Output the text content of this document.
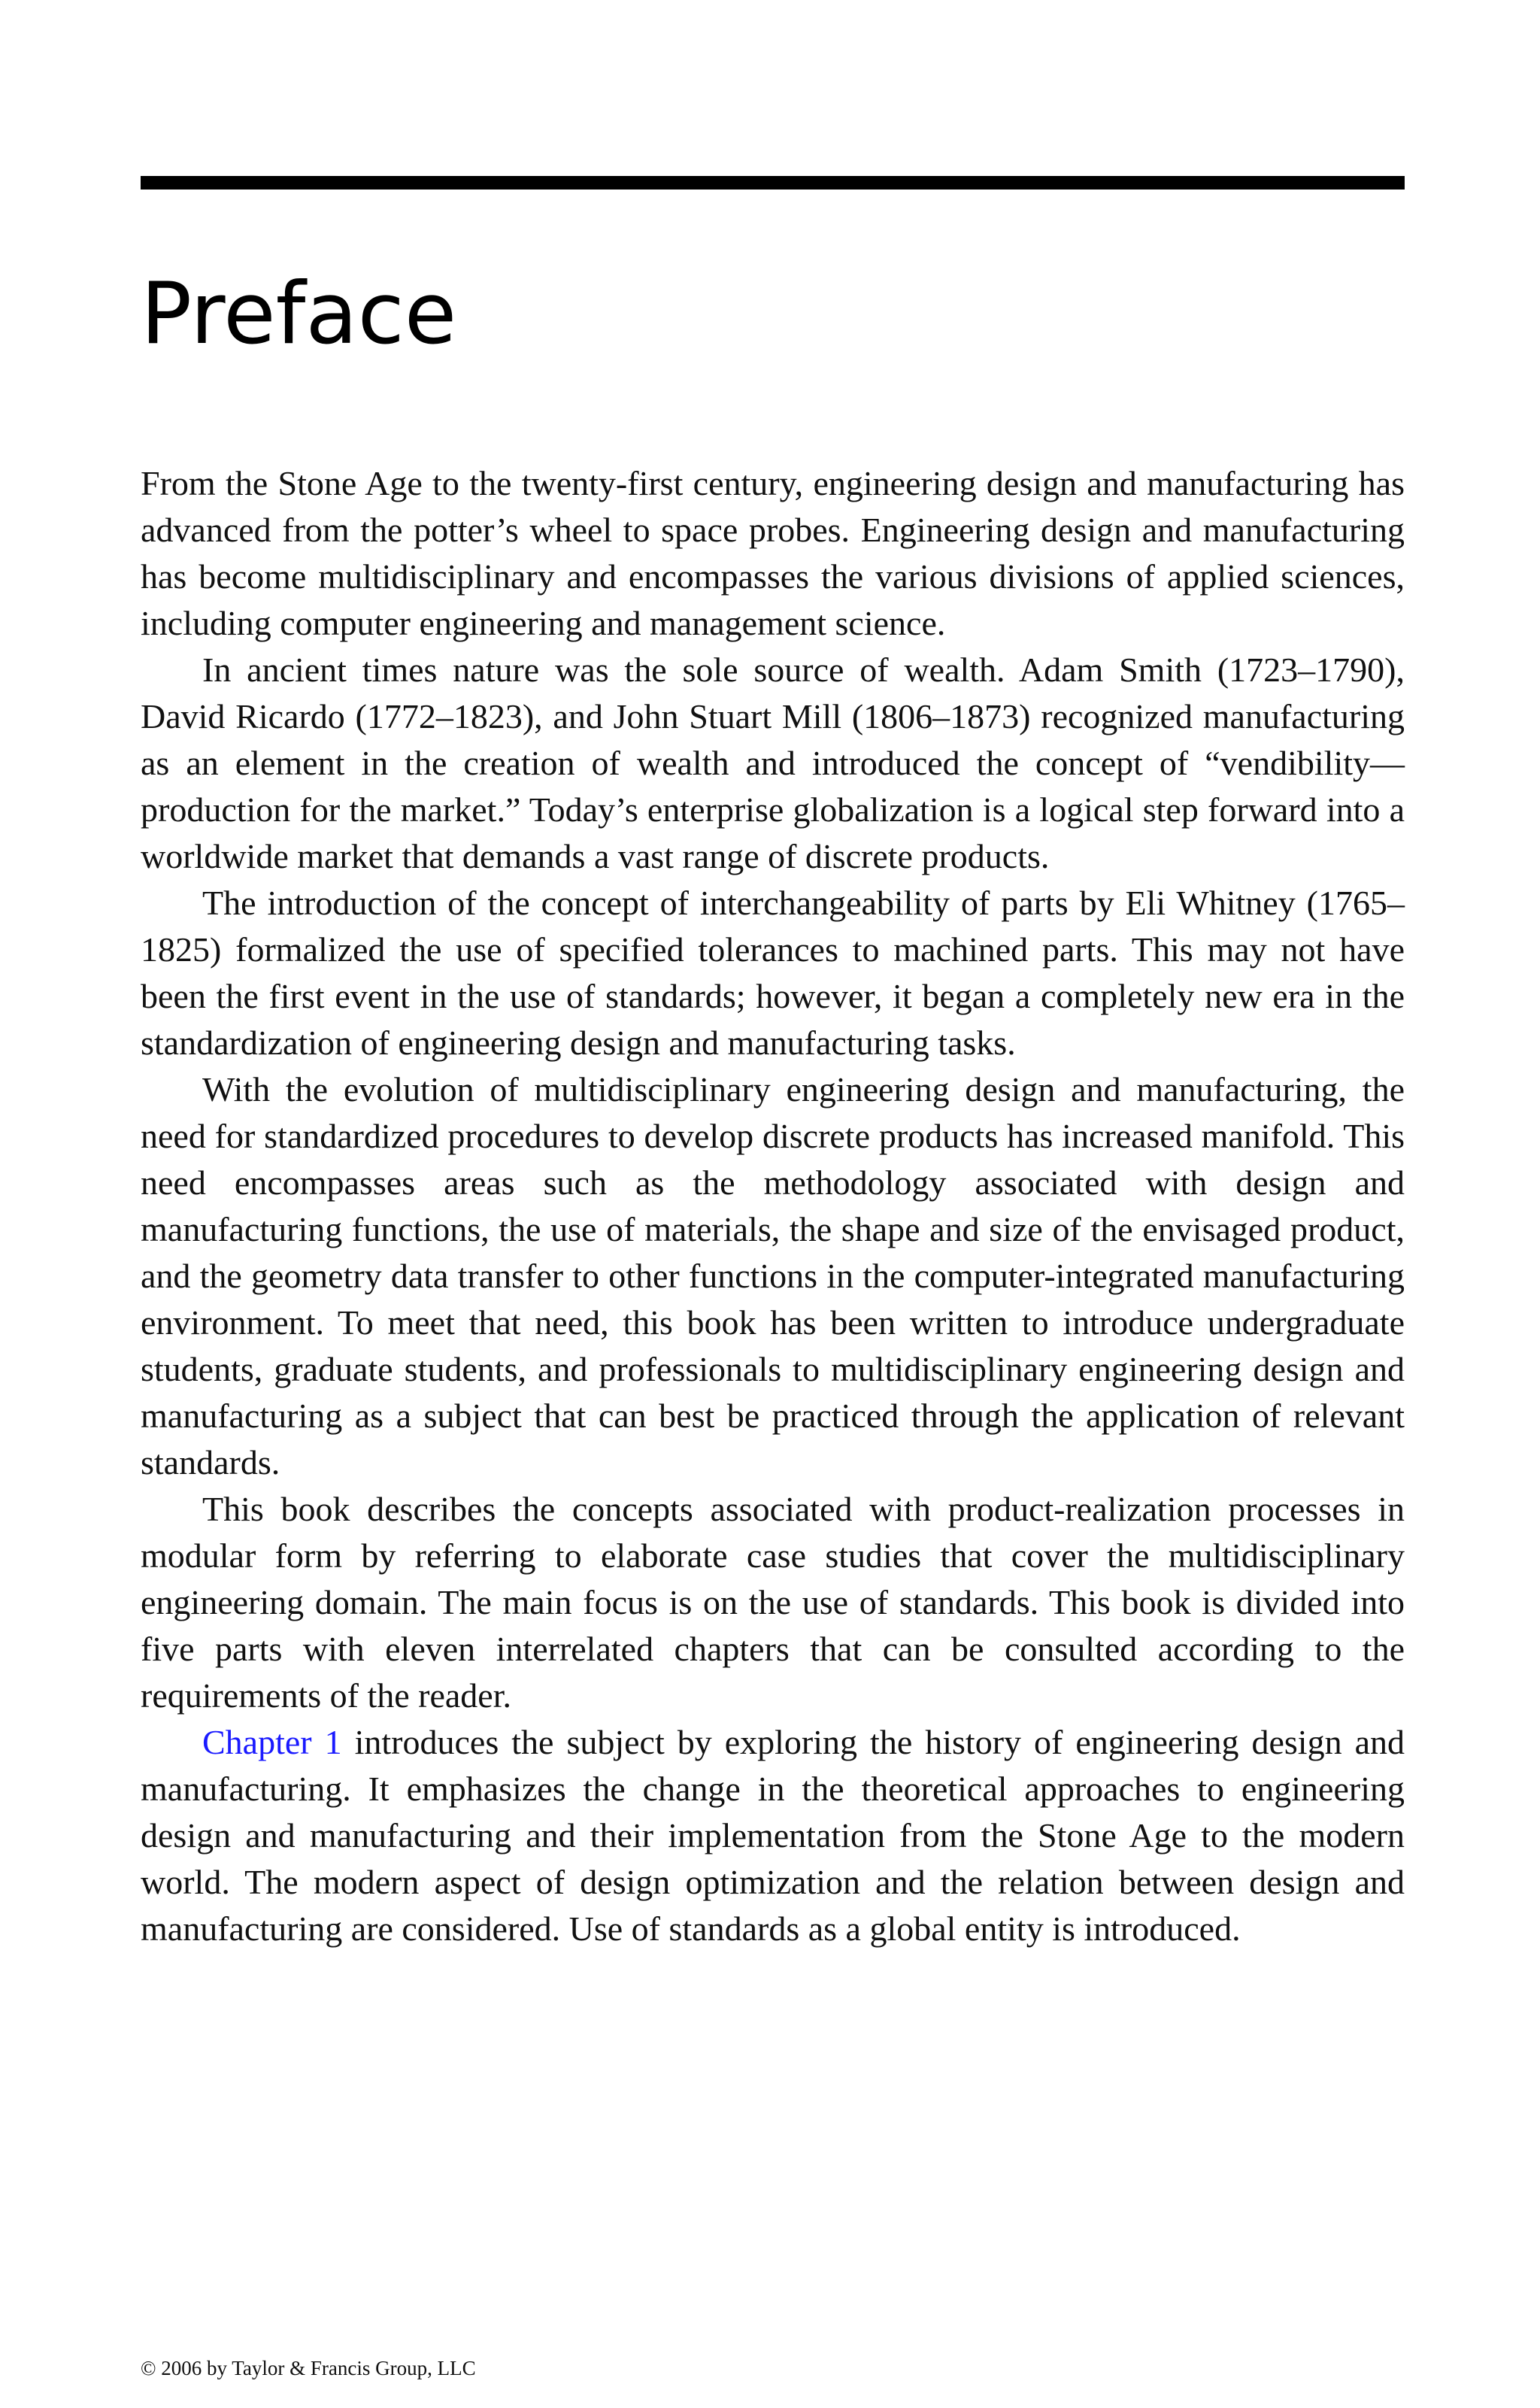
Preface

From the Stone Age to the twenty-first century, engineering design and manufacturing has advanced from the potter’s wheel to space probes. Engineering design and manufacturing has become multidisciplinary and encompasses the various divisions of applied sciences, including computer engineering and management science.

In ancient times nature was the sole source of wealth. Adam Smith (1723–1790), David Ricardo (1772–1823), and John Stuart Mill (1806–1873) recognized manufacturing as an element in the creation of wealth and introduced the concept of “vendibility— production for the market.” Today’s enterprise globalization is a logical step forward into a worldwide market that demands a vast range of discrete products.

The introduction of the concept of interchangeability of parts by Eli Whitney (1765–1825) formalized the use of specified tolerances to machined parts. This may not have been the first event in the use of standards; however, it began a completely new era in the standardization of engineering design and manufacturing tasks.

With the evolution of multidisciplinary engineering design and manufacturing, the need for standardized procedures to develop discrete products has increased manifold. This need encompasses areas such as the methodology associated with design and manufacturing functions, the use of materials, the shape and size of the envisaged product, and the geometry data transfer to other functions in the computer-integrated manufacturing environment. To meet that need, this book has been written to introduce undergraduate students, graduate students, and professionals to multidisciplinary engineering design and manufacturing as a subject that can best be practiced through the application of relevant standards.

This book describes the concepts associated with product-realization processes in modular form by referring to elaborate case studies that cover the multidisciplinary engineering domain. The main focus is on the use of standards. This book is divided into five parts with eleven interrelated chapters that can be consulted according to the requirements of the reader.

Chapter 1 introduces the subject by exploring the history of engineering design and manufacturing. It emphasizes the change in the theoretical approaches to engineering design and manufacturing and their implementation from the Stone Age to the modern world. The modern aspect of design optimization and the relation between design and manufacturing are considered. Use of standards as a global entity is introduced.

© 2006 by Taylor & Francis Group, LLC
